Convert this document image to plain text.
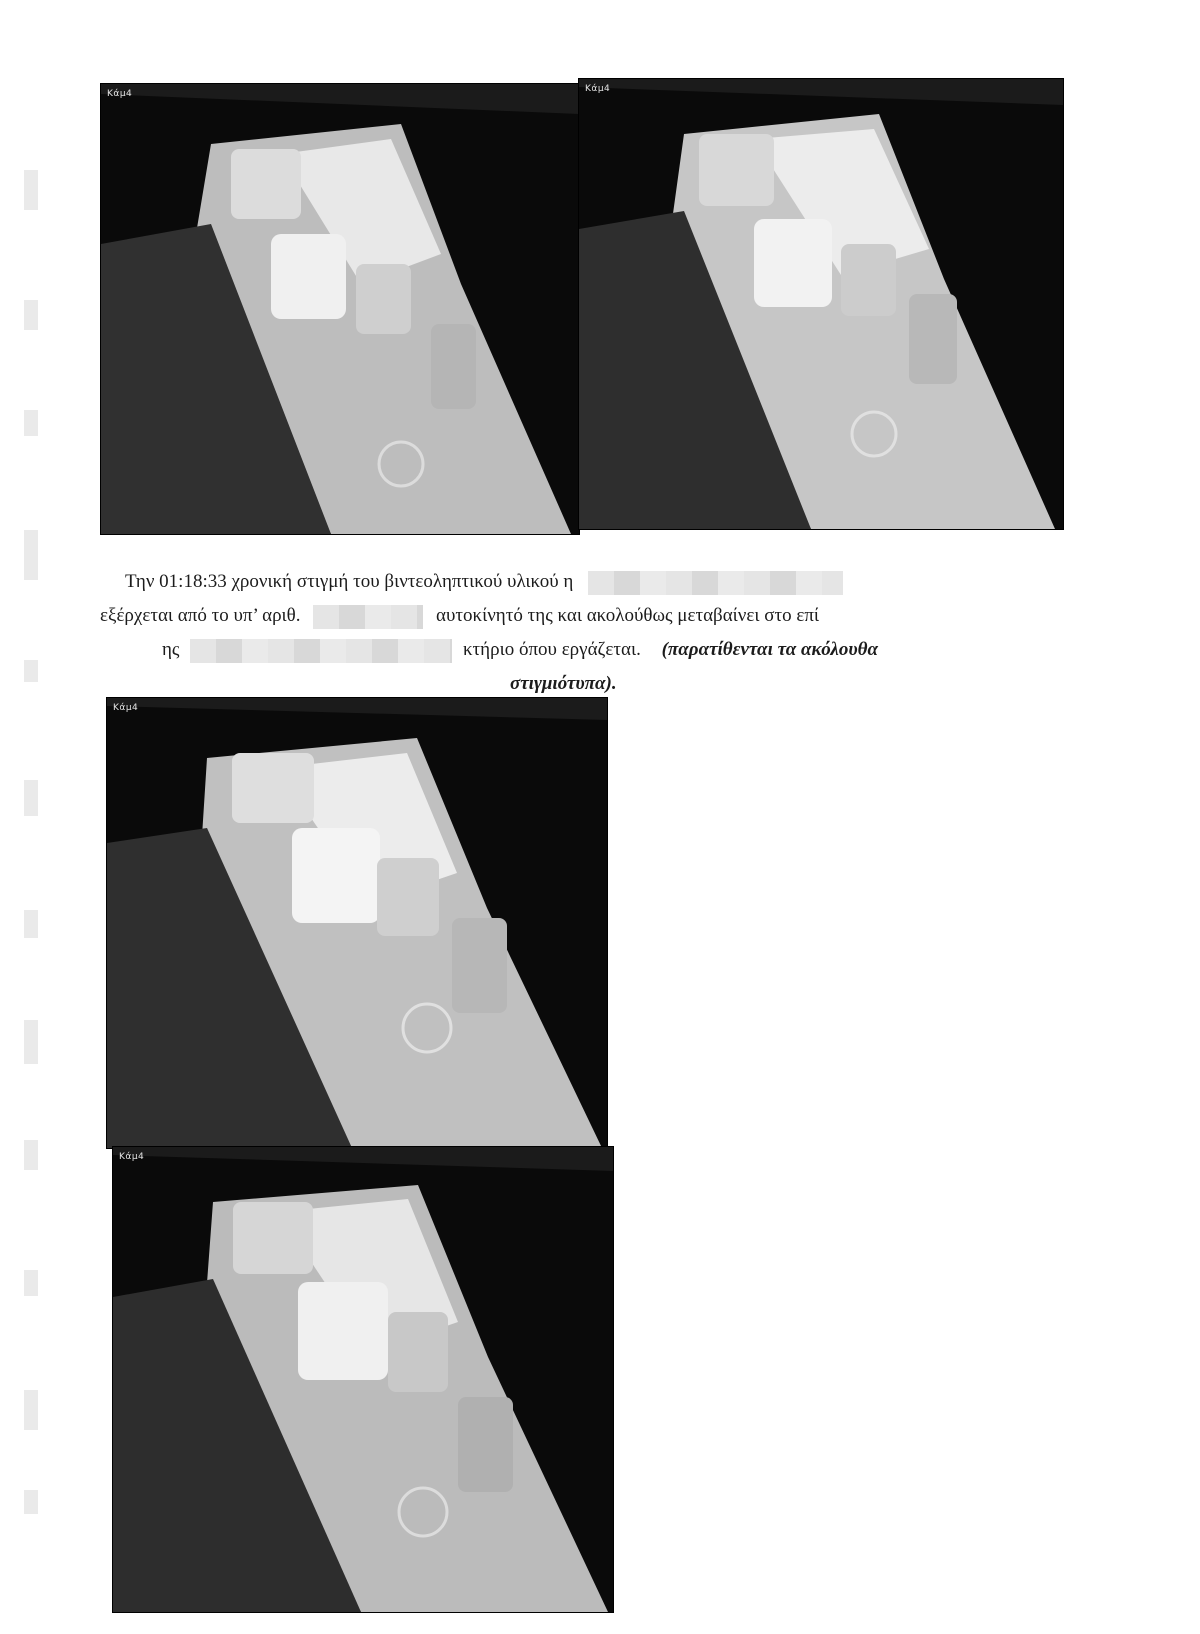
Κάμ4	Κάμ4
Την 01:18:33 χρονική στιγμή του βιντεοληπτικού υλικού η
εξέρχεται από το υπ’ αριθ.	αυτοκίνητό της και ακολούθως μεταβαίνει στο επί
ης	κτήριο όπου εργάζεται. (παρατίθενται τα ακόλουθα
στιγμιότυπα).
Κάμ4
Κάμ4
